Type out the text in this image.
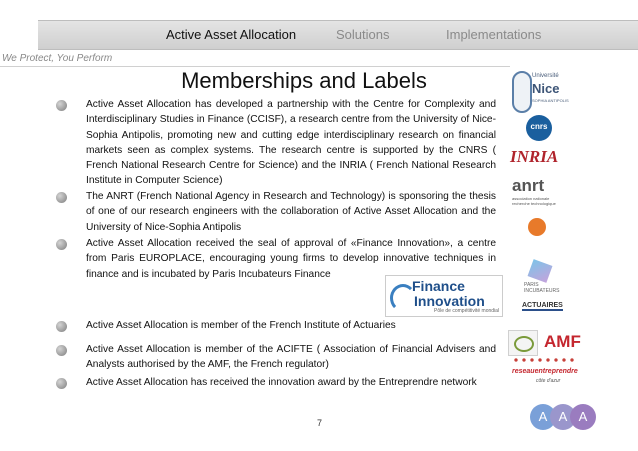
Active Asset Allocation	Solutions	Implementations
We Protect, You Perform
Memberships and Labels

Active Asset Allocation has developed a partnership with the Centre for Complexity and Interdisciplinary Studies in Finance (CCISF), a research centre from the University of Nice-Sophia Antipolis, promoting new and cutting edge interdisciplinary research on financial markets seen as complex systems. The research centre is supported by the CNRS ( French National Research Centre for Science) and the INRIA ( French National Research Institute in Computer Science)

The ANRT (French National Agency in Research and Technology) is sponsoring the thesis of one of our research engineers with the collaboration of Active Asset Allocation and the University of Nice-Sophia Antipolis

Active Asset Allocation received the seal of approval of «Finance Innovation», a centre from Paris EUROPLACE, encouraging young firms to develop innovative techniques in finance and is incubated by Paris Incubateurs Finance

Active Asset Allocation is member of the French Institute of Actuaries

Active Asset Allocation is member of the ACIFTE ( Association of Financial Advisers and Analysts authorised by the AMF, the French regulator)

Active Asset Allocation has received the innovation award by the Entreprendre network

Finance
Innovation
Pôle de compétitivité mondial
Université
Nice
SOPHIA ANTIPOLIS
cnrs
INRIA
anrt
association nationale
recherche technologique
PARIS
INCUBATEURS
ACTUAIRES
AMF
reseauentreprendre
côte d'azur
7	A A A
